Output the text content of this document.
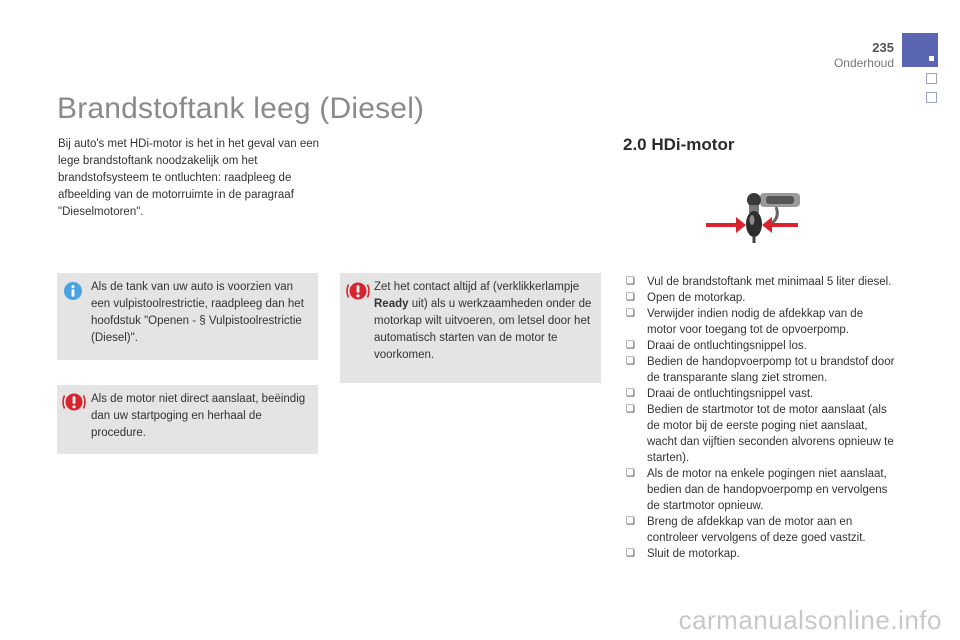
235
Onderhoud
Brandstoftank leeg (Diesel)

Bij auto's met HDi-motor is het in het geval van een lege brandstoftank noodzakelijk om het brandstofsysteem te ontluchten: raadpleeg de afbeelding van de motorruimte in de paragraaf "Dieselmotoren".

Als de tank van uw auto is voorzien van een vulpistoolrestrictie, raadpleeg dan het hoofdstuk "Openen - § Vulpistoolrestrictie (Diesel)".
Als de motor niet direct aanslaat, beëindig dan uw startpoging en herhaal de procedure.
Zet het contact altijd af (verklikkerlampje Ready uit) als u werkzaamheden onder de motorkap wilt uitvoeren, om letsel door het automatisch starten van de motor te voorkomen.
2.0 HDi-motor
❏ Vul de brandstoftank met minimaal 5 liter diesel.
❏ Open de motorkap.
❏ Verwijder indien nodig de afdekkap van de motor voor toegang tot de opvoerpomp.
❏ Draai de ontluchtingsnippel los.
❏ Bedien de handopvoerpomp tot u brandstof door de transparante slang ziet stromen.
❏ Draai de ontluchtingsnippel vast.
❏ Bedien de startmotor tot de motor aanslaat (als de motor bij de eerste poging niet aanslaat, wacht dan vijftien seconden alvorens opnieuw te starten).
❏ Als de motor na enkele pogingen niet aanslaat, bedien dan de handopvoerpomp en vervolgens de startmotor opnieuw.
❏ Breng de afdekkap van de motor aan en controleer vervolgens of deze goed vastzit.
❏ Sluit de motorkap.
carmanualsonline.info
